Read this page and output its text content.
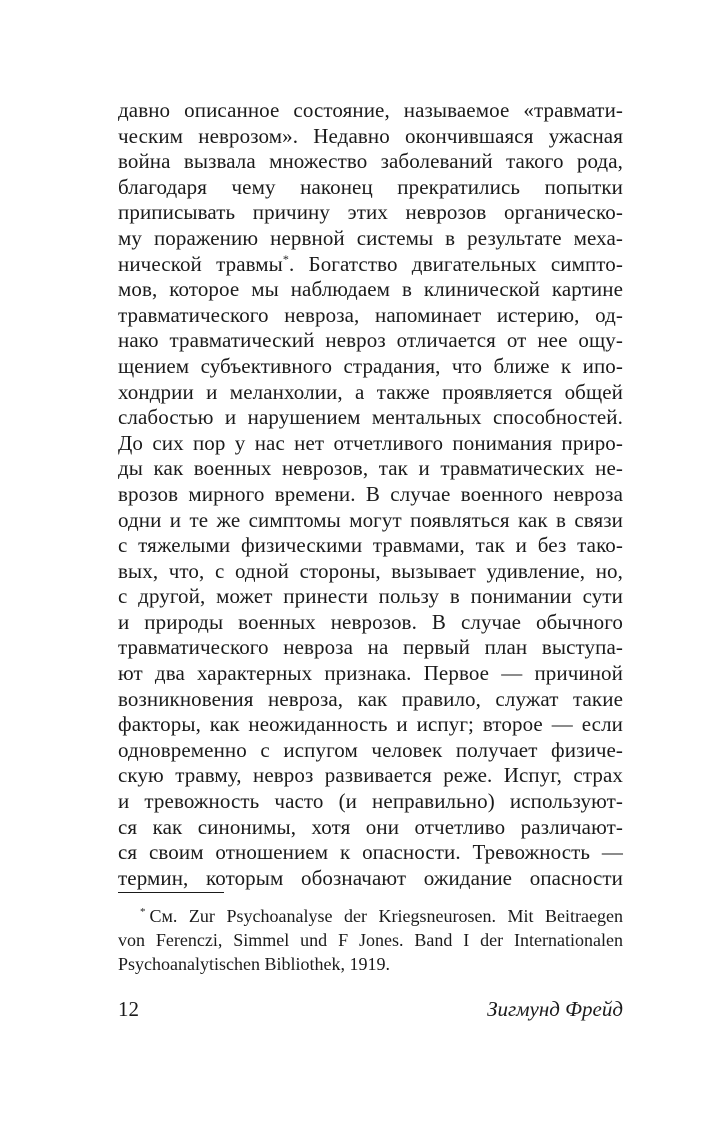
давно описанное состояние, называемое «травмати-
ческим неврозом». Недавно окончившаяся ужасная
война вызвала множество заболеваний такого рода,
благодаря чему наконец прекратились попытки
приписывать причину этих неврозов органическо-
му поражению нервной системы в результате меха-
нической травмы*. Богатство двигательных симпто-
мов, которое мы наблюдаем в клинической картине
травматического невроза, напоминает истерию, од-
нако травматический невроз отличается от нее ощу-
щением субъективного страдания, что ближе к ипо-
хондрии и меланхолии, а также проявляется общей
слабостью и нарушением ментальных способностей.
До сих пор у нас нет отчетливого понимания приро-
ды как военных неврозов, так и травматических не-
врозов мирного времени. В случае военного невроза
одни и те же симптомы могут появляться как в связи
с тяжелыми физическими травмами, так и без тако-
вых, что, с одной стороны, вызывает удивление, но,
с другой, может принести пользу в понимании сути
и природы военных неврозов. В случае обычного
травматического невроза на первый план выступа-
ют два характерных признака. Первое — причиной
возникновения невроза, как правило, служат такие
факторы, как неожиданность и испуг; второе — если
одновременно с испугом человек получает физиче-
скую травму, невроз развивается реже. Испуг, страх
и тревожность часто (и неправильно) используют-
ся как синонимы, хотя они отчетливо различают-
ся своим отношением к опасности. Тревожность —
термин, которым обозначают ожидание опасности
* См. Zur Psychoanalyse der Kriegsneurosen. Mit Beitraegen
von Ferenczi, Simmel und F Jones. Band I der Internationalen
Psychoanalytischen Bibliothek, 1919.
12	Зигмунд Фрейд
